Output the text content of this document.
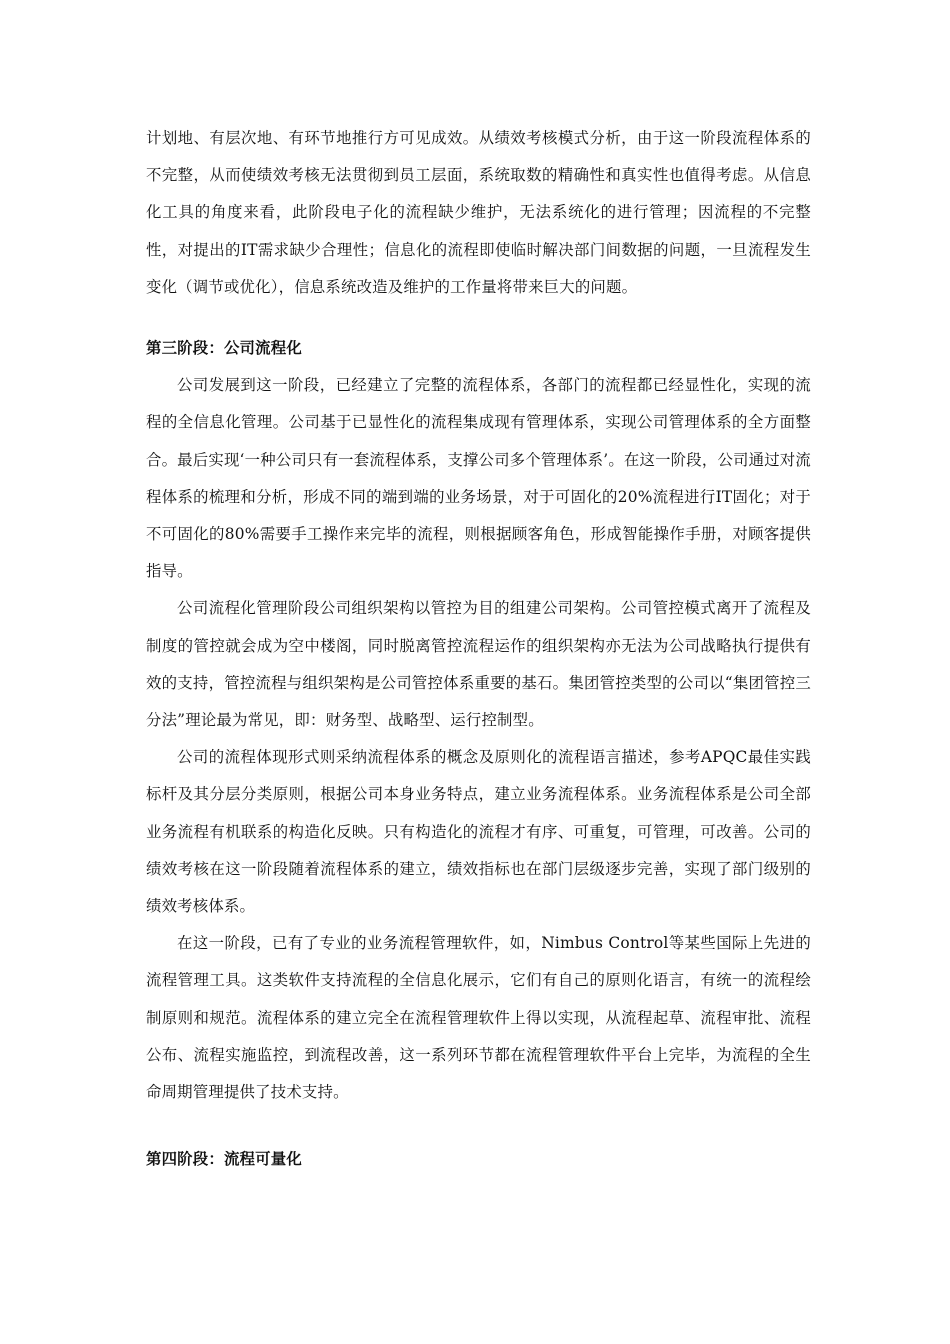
计划地、有层次地、有环节地推行方可见成效。从绩效考核模式分析，由于这一阶段流程体系的不完整，从而使绩效考核无法贯彻到员工层面，系统取数的精确性和真实性也值得考虑。从信息化工具的角度来看，此阶段电子化的流程缺少维护，无法系统化的进行管理；因流程的不完整性，对提出的IT需求缺少合理性；信息化的流程即使临时解决部门间数据的问题，一旦流程发生变化（调节或优化），信息系统改造及维护的工作量将带来巨大的问题。

第三阶段：公司流程化

公司发展到这一阶段，已经建立了完整的流程体系，各部门的流程都已经显性化，实现的流程的全信息化管理。公司基于已显性化的流程集成现有管理体系，实现公司管理体系的全方面整合。最后实现‘一种公司只有一套流程体系，支撑公司多个管理体系’。在这一阶段，公司通过对流程体系的梳理和分析，形成不同的端到端的业务场景，对于可固化的20%流程进行IT固化；对于不可固化的80%需要手工操作来完毕的流程，则根据顾客角色，形成智能操作手册，对顾客提供指导。

公司流程化管理阶段公司组织架构以管控为目的组建公司架构。公司管控模式离开了流程及制度的管控就会成为空中楼阁，同时脱离管控流程运作的组织架构亦无法为公司战略执行提供有效的支持，管控流程与组织架构是公司管控体系重要的基石。集团管控类型的公司以“集团管控三分法”理论最为常见，即：财务型、战略型、运行控制型。

公司的流程体现形式则采纳流程体系的概念及原则化的流程语言描述，参考APQC最佳实践标杆及其分层分类原则，根据公司本身业务特点，建立业务流程体系。业务流程体系是公司全部业务流程有机联系的构造化反映。只有构造化的流程才有序、可重复，可管理，可改善。公司的绩效考核在这一阶段随着流程体系的建立，绩效指标也在部门层级逐步完善，实现了部门级别的绩效考核体系。

在这一阶段，已有了专业的业务流程管理软件，如，Nimbus Control等某些国际上先进的流程管理工具。这类软件支持流程的全信息化展示，它们有自己的原则化语言，有统一的流程绘制原则和规范。流程体系的建立完全在流程管理软件上得以实现，从流程起草、流程审批、流程公布、流程实施监控，到流程改善，这一系列环节都在流程管理软件平台上完毕，为流程的全生命周期管理提供了技术支持。

第四阶段：流程可量化
